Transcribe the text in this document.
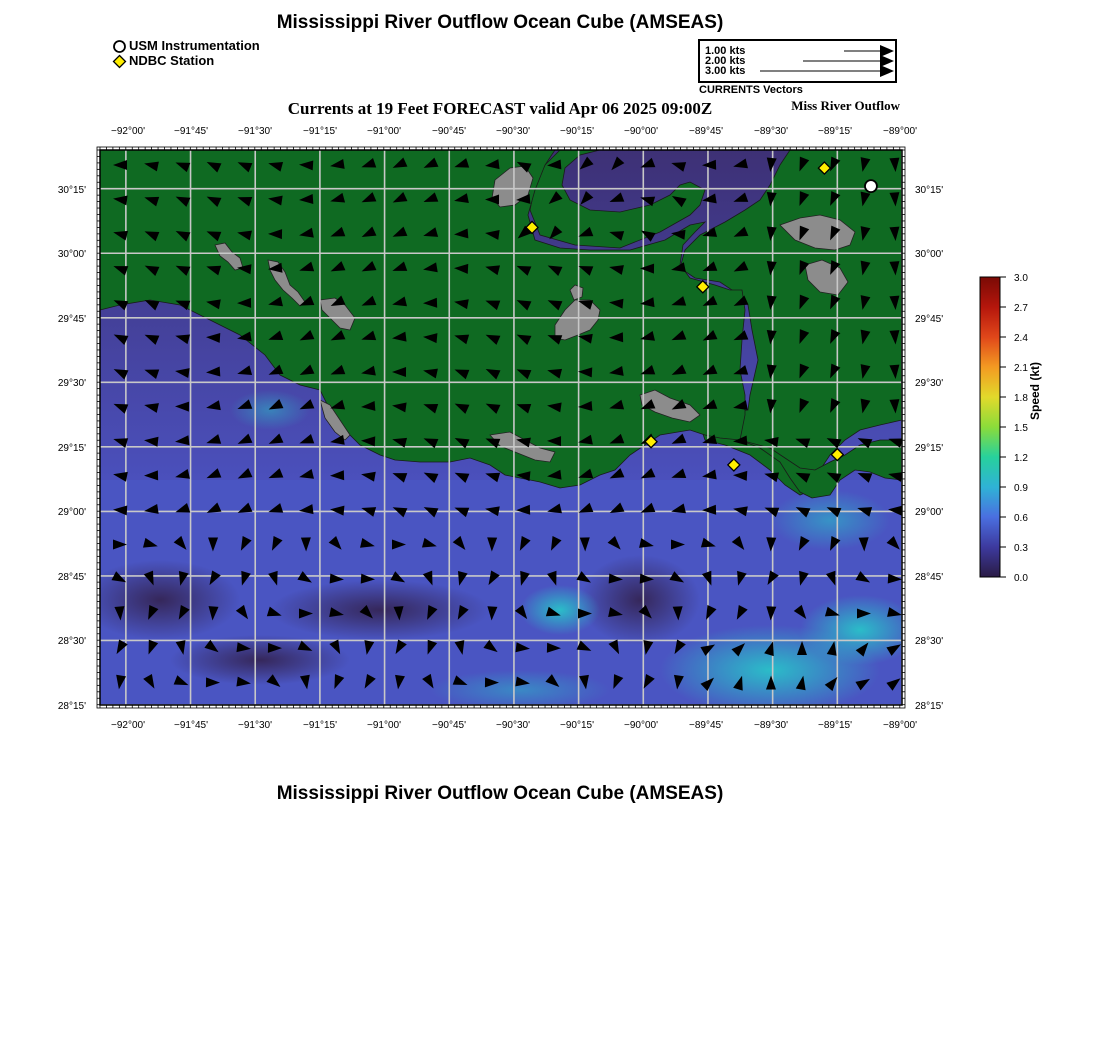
Mississippi River Outflow Ocean Cube (AMSEAS)
USM Instrumentation
NDBC Station
1.00 kts
2.00 kts
3.00 kts
CURRENTS Vectors
Currents at 19 Feet FORECAST valid Apr 06 2025 09:00Z	Miss River Outflow
−92°00'	−91°45'	−91°30'	−91°15'	−91°00'	−90°45'	−90°30'	−90°15'	−90°00'	−89°45'	−89°30'	−89°15'	−89°00'
−92°00'	−91°45'	−91°30'	−91°15'	−91°00'	−90°45'	−90°30'	−90°15'	−90°00'	−89°45'	−89°30'	−89°15'	−89°00'
30°15'
30°00'
29°45'
29°30'
29°15'
29°00'
28°45'
28°30'
28°15'
30°15'
30°00'
29°45'
29°30'
29°15'
29°00'
28°45'
28°30'
28°15'
3.0
2.7
2.4
2.1
1.8
1.5
1.2
0.9
0.6
0.3
0.0
Speed (kt)
Mississippi River Outflow Ocean Cube (AMSEAS)
